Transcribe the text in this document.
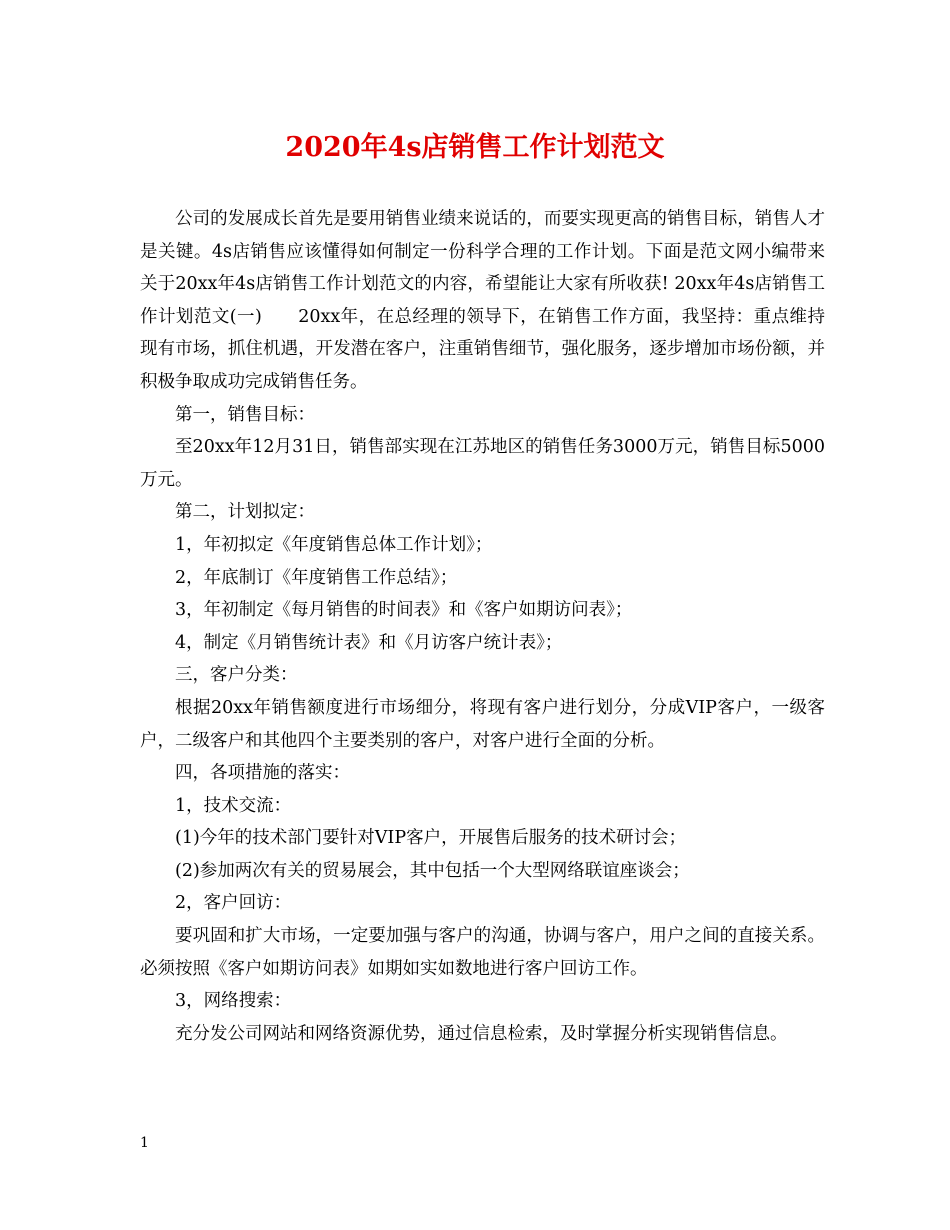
2020年4s店销售工作计划范文

公司的发展成长首先是要用销售业绩来说话的，而要实现更高的销售目标，销售人才是关键。4s店销售应该懂得如何制定一份科学合理的工作计划。下面是范文网小编带来关于20xx年4s店销售工作计划范文的内容，希望能让大家有所收获! 20xx年4s店销售工作计划范文(一)　　20xx年，在总经理的领导下，在销售工作方面，我坚持：重点维持现有市场，抓住机遇，开发潜在客户，注重销售细节，强化服务，逐步增加市场份额，并积极争取成功完成销售任务。

第一，销售目标：

至20xx年12月31日，销售部实现在江苏地区的销售任务3000万元，销售目标5000万元。

第二，计划拟定：

1，年初拟定《年度销售总体工作计划》；

2，年底制订《年度销售工作总结》；

3，年初制定《每月销售的时间表》和《客户如期访问表》；

4，制定《月销售统计表》和《月访客户统计表》；

三，客户分类：

根据20xx年销售额度进行市场细分，将现有客户进行划分，分成VIP客户，一级客户，二级客户和其他四个主要类别的客户，对客户进行全面的分析。

四，各项措施的落实：

1，技术交流：

(1)今年的技术部门要针对VIP客户，开展售后服务的技术研讨会；

(2)参加两次有关的贸易展会，其中包括一个大型网络联谊座谈会；

2，客户回访：

要巩固和扩大市场，一定要加强与客户的沟通，协调与客户，用户之间的直接关系。必须按照《客户如期访问表》如期如实如数地进行客户回访工作。

3，网络搜索：

充分发公司网站和网络资源优势，通过信息检索，及时掌握分析实现销售信息。

1
